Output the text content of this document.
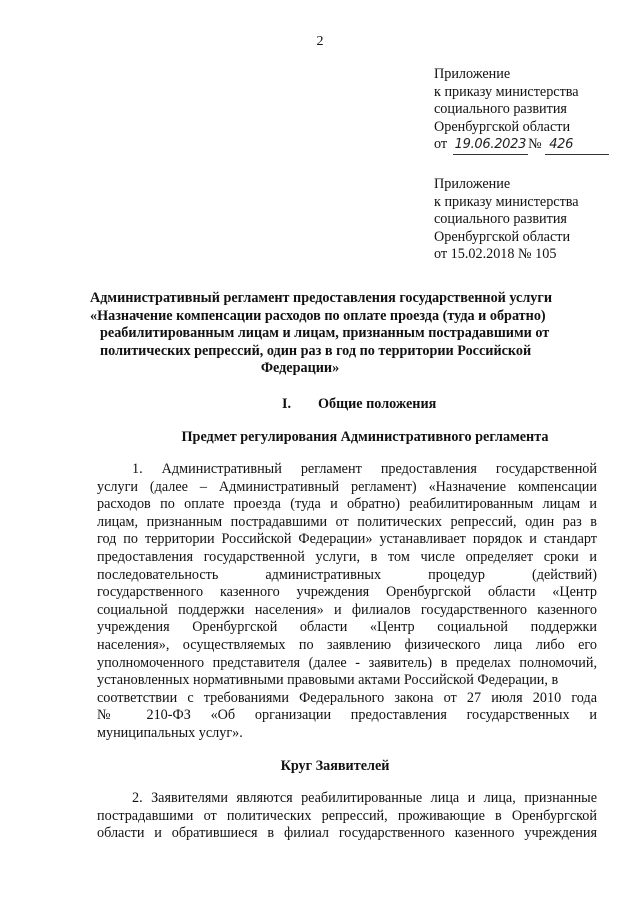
2
Приложение
к приказу министерства
социального развития
Оренбургской области
от 19.06.2023 № 426
Приложение
к приказу министерства
социального развития
Оренбургской области
от 15.02.2018 № 105
Административный регламент предоставления государственной услуги
«Назначение компенсации расходов по оплате проезда (туда и обратно)
реабилитированным лицам и лицам, признанным пострадавшими от
политических репрессий, один раз в год по территории Российской
Федерации»
I. Общие положения
Предмет регулирования Административного регламента
1. Административный регламент предоставления государственной
услуги (далее – Административный регламент) «Назначение компенсации
расходов по оплате проезда (туда и обратно) реабилитированным лицам и
лицам, признанным пострадавшими от политических репрессий, один раз в
год по территории Российской Федерации» устанавливает порядок и стандарт
предоставления государственной услуги, в том числе определяет сроки и
последовательность административных процедур (действий)
государственного казенного учреждения Оренбургской области «Центр
социальной поддержки населения» и филиалов государственного казенного
учреждения Оренбургской области «Центр социальной поддержки
населения», осуществляемых по заявлению физического лица либо его
уполномоченного представителя (далее - заявитель) в пределах полномочий,
установленных нормативными правовыми актами Российской Федерации, в
соответствии с требованиями Федерального закона от 27 июля 2010 года
№ 210-ФЗ «Об организации предоставления государственных и
муниципальных услуг».
Круг Заявителей
2. Заявителями являются реабилитированные лица и лица, признанные
пострадавшими от политических репрессий, проживающие в Оренбургской
области и обратившиеся в филиал государственного казенного учреждения
